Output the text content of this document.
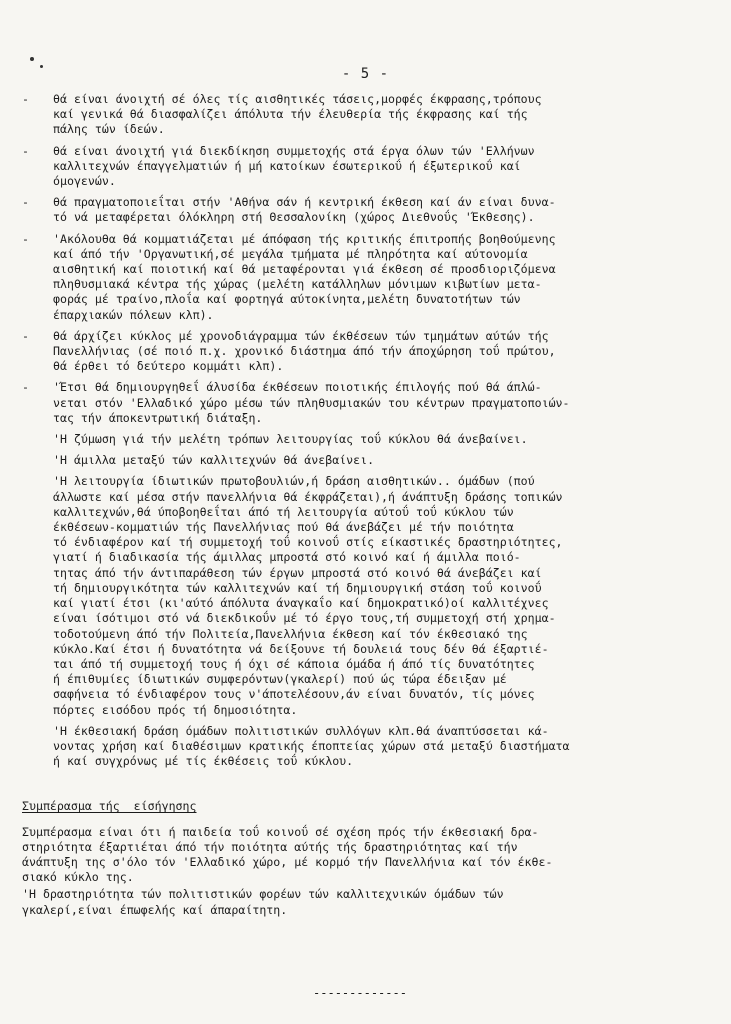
- 5 -
-	θά είναι άνοιχτή σέ όλες τίς αισθητικές τάσεις,μορφές έκφρασης,τρόπους
καί γενικά θά διασφαλίζει άπόλυτα τήν έλευθερία τής έκφρασης καί τής
πάλης τών ίδεών.
-	θά είναι άνοιχτή γιά διεκδίκηση συμμετοχής στά έργα όλων τών 'Ελλήνων
καλλιτεχνών έπαγγελματιών ή μή κατοίκων έσωτερικοΰ ή έξωτερικοΰ καί
όμογενών.
-	θά πραγματοποιεΐται στήν 'Αθήνα σάν ή κεντρική έκθεση καί άν είναι δυνα-
τό νά μεταφέρεται όλόκληρη στή Θεσσαλονίκη (χώρος Διεθνοΰς 'Έκθεσης).
-	'Ακόλουθα θά κομματιάζεται μέ άπόφαση τής κριτικής έπιτροπής βοηθούμενης
καί άπό τήν 'Οργανωτική,σέ μεγάλα τμήματα μέ πληρότητα καί αύτονομία
αισθητική καί ποιοτική καί θά μεταφέρονται γιά έκθεση σέ προσδιοριζόμενα
πληθυσμιακά κέντρα τής χώρας (μελέτη κατάλληλων μόνιμων κιβωτίων μετα-
φοράς μέ τραίνο,πλοΐα καί φορτηγά αύτοκίνητα,μελέτη δυνατοτήτων τών
έπαρχιακών πόλεων κλπ).
-	θά άρχίζει κύκλος μέ χρονοδιάγραμμα τών έκθέσεων τών τμημάτων αύτών τής
Πανελλήνιας (σέ ποιό π.χ. χρονικό διάστημα άπό τήν άποχώρηση τοΰ πρώτου,
θά έρθει τό δεύτερο κομμάτι κλπ).
-	'Έτσι θά δημιουργηθεΐ άλυσίδα έκθέσεων ποιοτικής έπιλογής πού θά άπλώ-
νεται στόν 'Ελλαδικό χώρο μέσω τών πληθυσμιακών του κέντρων πραγματοποιών-
τας τήν άποκεντρωτική διάταξη.
'Η ζύμωση γιά τήν μελέτη τρόπων λειτουργίας τοΰ κύκλου θά άνεβαίνει.
'Η άμιλλα μεταξύ τών καλλιτεχνών θά άνεβαίνει.
'Η λειτουργία ίδιωτικών πρωτοβουλιών,ή δράση αισθητικών.. όμάδων (πού
άλλωστε καί μέσα στήν πανελλήνια θά έκφράζεται),ή άνάπτυξη δράσης τοπικών
καλλιτεχνών,θά ύποβοηθεΐται άπό τή λειτουργία αύτοΰ τοΰ κύκλου τών
έκθέσεων-κομματιών τής Πανελλήνιας πού θά άνεβάζει μέ τήν ποιότητα
τό ένδιαφέρον καί τή συμμετοχή τοΰ κοινοΰ στίς είκαστικές δραστηριότητες,
γιατί ή διαδικασία τής άμιλλας μπροστά στό κοινό καί ή άμιλλα ποιό-
τητας άπό τήν άντιπαράθεση τών έργων μπροστά στό κοινό θά άνεβάζει καί
τή δημιουργικότητα τών καλλιτεχνών καί τή δημιουργική στάση τοΰ κοινοΰ
καί γιατί έτσι (κι'αύτό άπόλυτα άναγκαΐο καί δημοκρατικό)οί καλλιτέχνες
είναι ίσότιμοι στό νά διεκδικοΰν μέ τό έργο τους,τή συμμετοχή στή χρημα-
τοδοτούμενη άπό τήν Πολιτεία,Πανελλήνια έκθεση καί τόν έκθεσιακό της
κύκλο.Καί έτσι ή δυνατότητα νά δείξουνε τή δουλειά τους δέν θά έξαρτιέ-
ται άπό τή συμμετοχή τους ή όχι σέ κάποια όμάδα ή άπό τίς δυνατότητες
ή έπιθυμίες ίδιωτικών συμφερόντων(γκαλερί) πού ώς τώρα έδειξαν μέ
σαφήνεια τό ένδιαφέρον τους ν'άποτελέσουν,άν είναι δυνατόν, τίς μόνες
πόρτες εισόδου πρός τή δημοσιότητα.
'Η έκθεσιακή δράση όμάδων πολιτιστικών συλλόγων κλπ.θά άναπτύσσεται κά-
νοντας χρήση καί διαθέσιμων κρατικής έποπτείας χώρων στά μεταξύ διαστήματα
ή καί συγχρόνως μέ τίς έκθέσεις τοΰ κύκλου.
Συμπέρασμα τής  είσήγησης
Συμπέρασμα είναι ότι ή παιδεία τοΰ κοινοΰ σέ σχέση πρός τήν έκθεσιακή δρα-
στηριότητα έξαρτιέται άπό τήν ποιότητα αύτής τής δραστηριότητας καί τήν
άνάπτυξη της σ'όλο τόν 'Ελλαδικό χώρο, μέ κορμό τήν Πανελλήνια καί τόν έκθε-
σιακό κύκλο της.
'Η δραστηριότητα τών πολιτιστικών φορέων τών καλλιτεχνικών όμάδων τών
γκαλερί,είναι έπωφελής καί άπαραίτητη.
-------------
